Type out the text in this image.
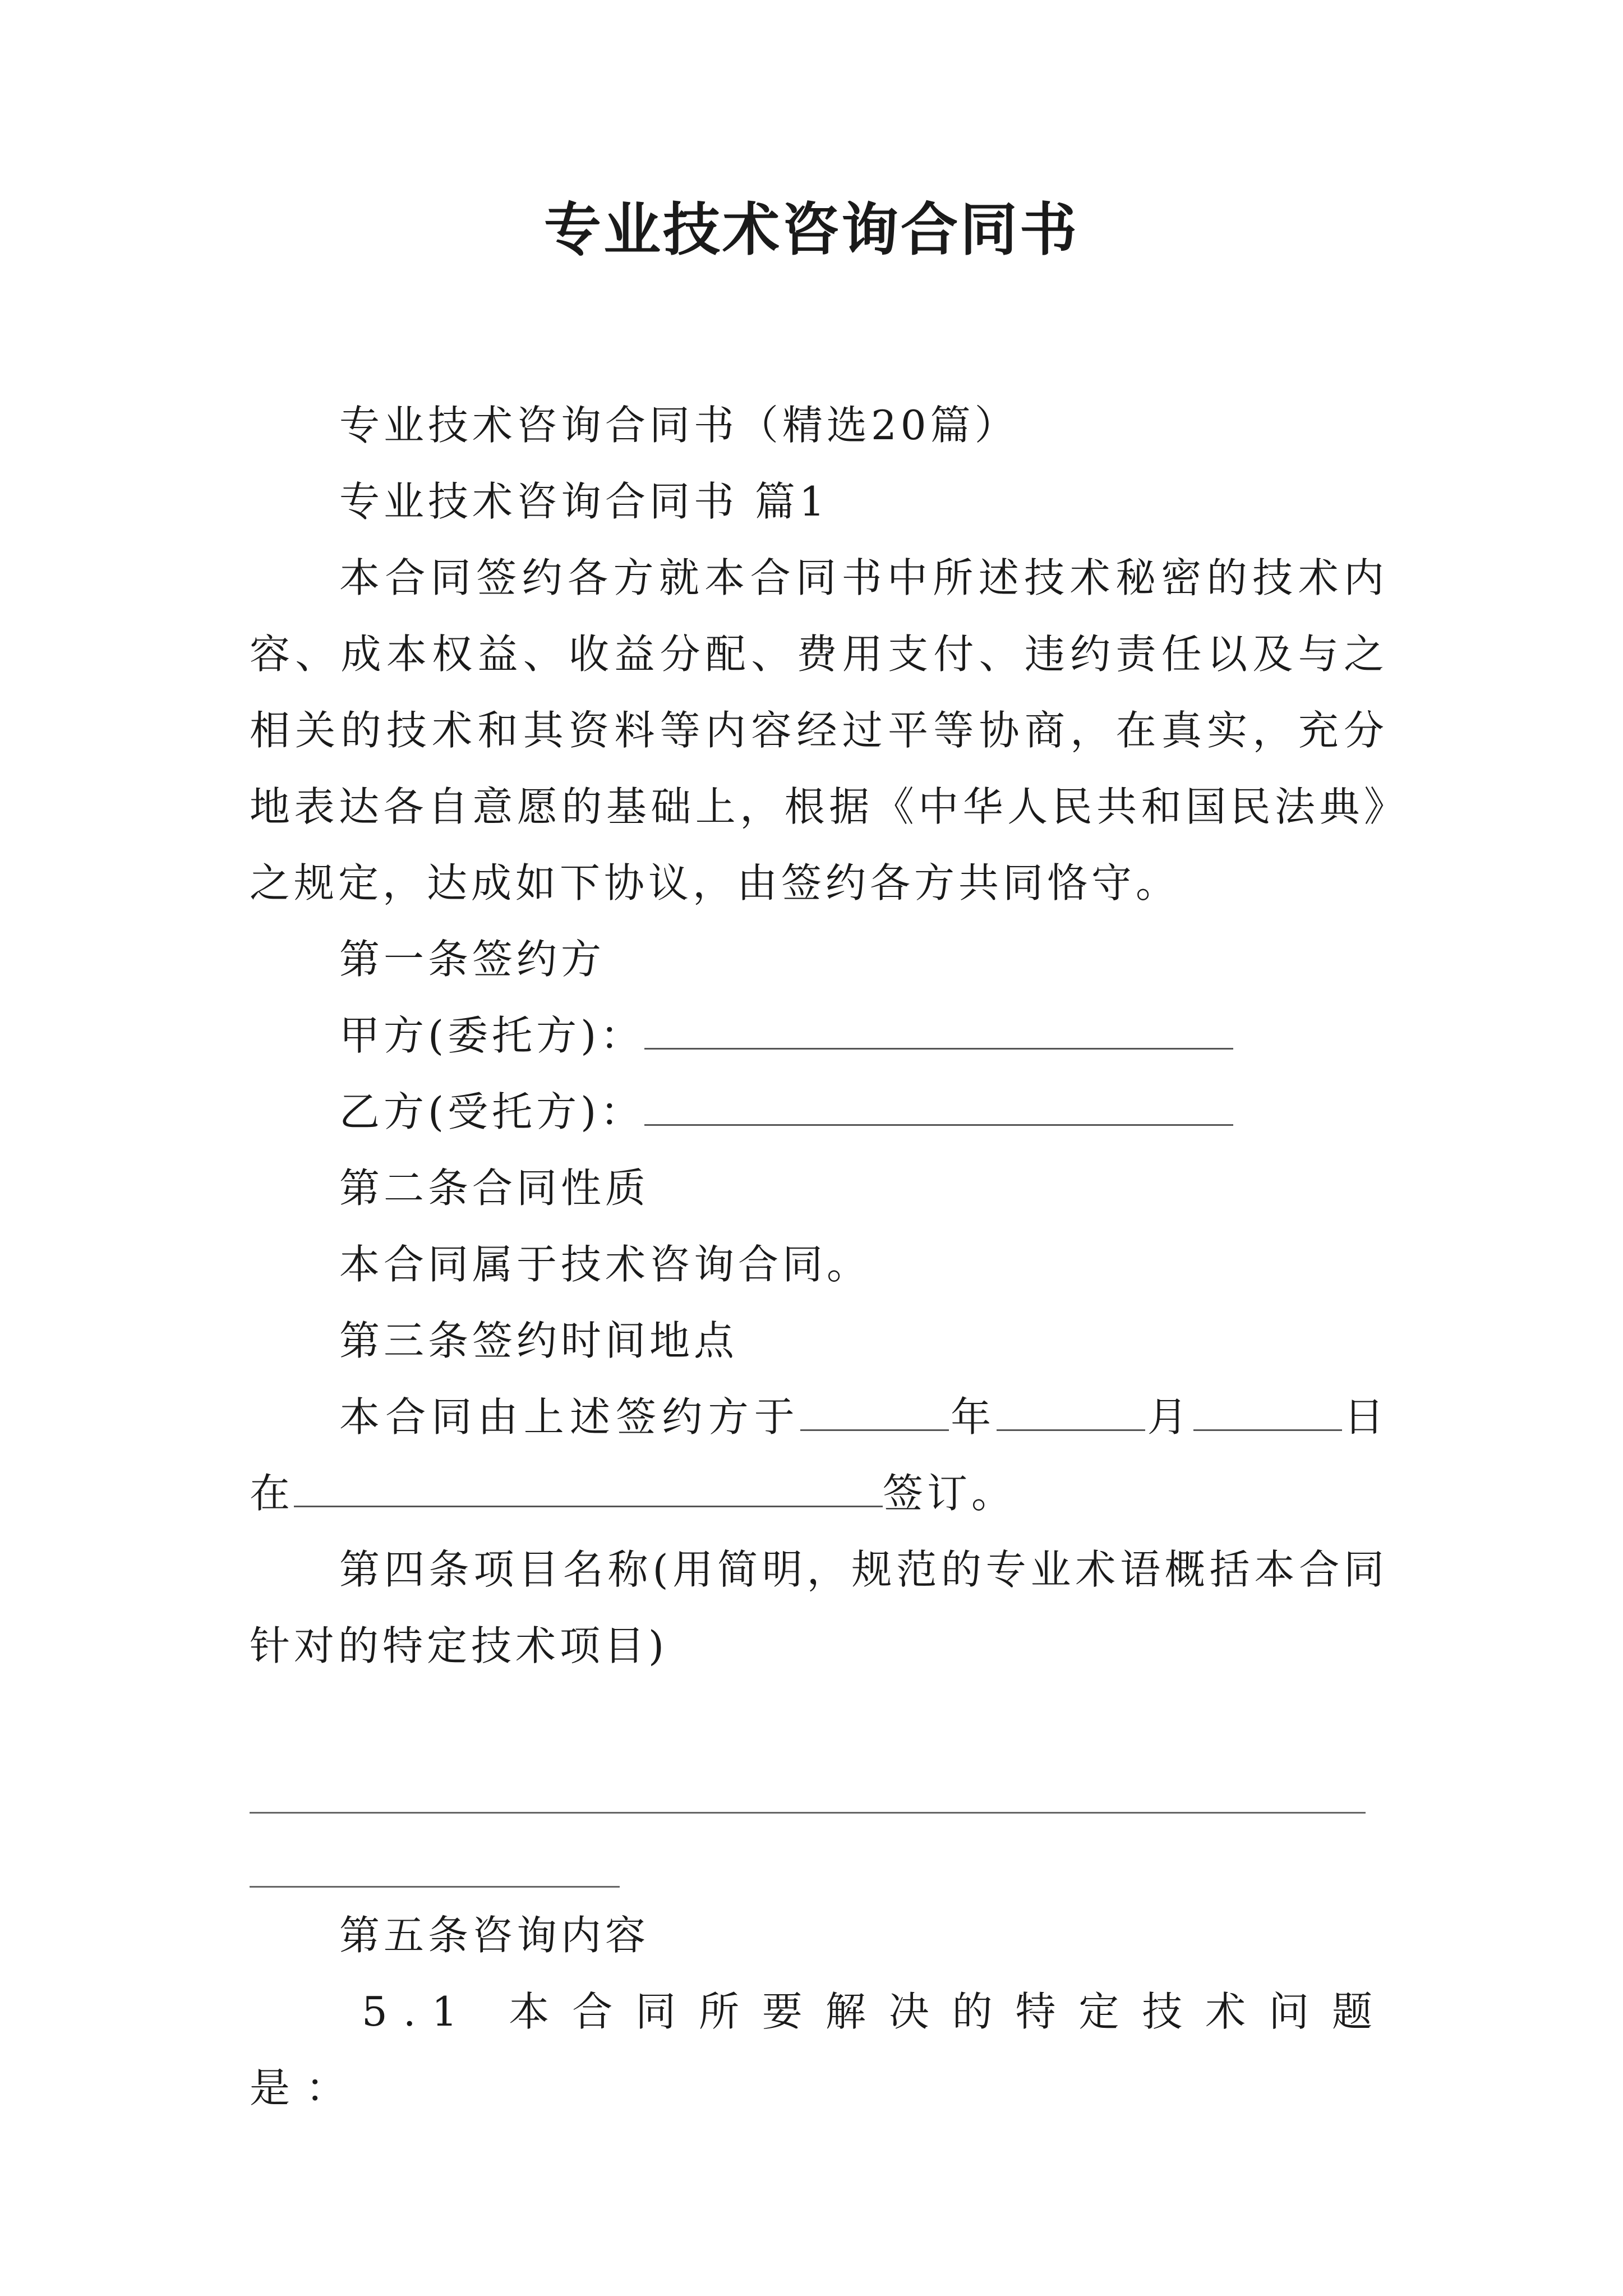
专业技术咨询合同书

专业技术咨询合同书（精选20篇）

专业技术咨询合同书 篇1

本合同签约各方就本合同书中所述技术秘密的技术内容、成本权益、收益分配、费用支付、违约责任以及与之相关的技术和其资料等内容经过平等协商，在真实，充分地表达各自意愿的基础上，根据《中华人民共和国民法典》之规定，达成如下协议，由签约各方共同恪守。

第一条签约方

甲方(委托方)：

乙方(受托方)：

第二条合同性质

本合同属于技术咨询合同。

第三条签约时间地点

本合同由上述签约方于	年	月	日在	签订。

第四条项目名称(用简明，规范的专业术语概括本合同针对的特定技术项目)

第五条咨询内容

5.1 本合同所要解决的特定技术问题是：
